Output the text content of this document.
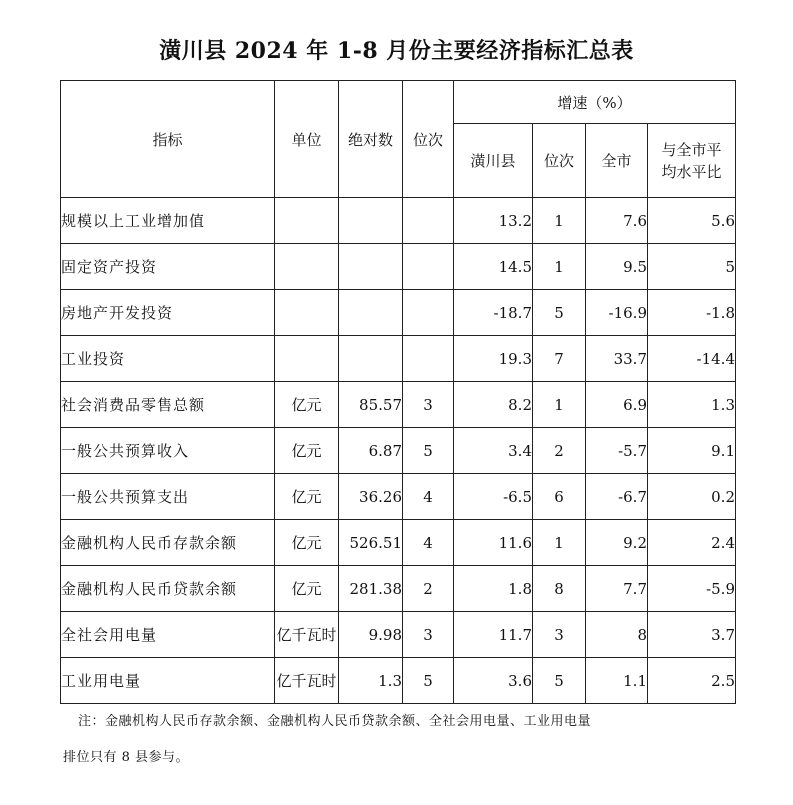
潢川县 2024 年 1-8 月份主要经济指标汇总表
指标	单位	绝对数	位次	增速（%）			
				潢川县	位次	全市	与全市平
均水平比
规模以上工业增加值				13.2	1	7.6	5.6
固定资产投资				14.5	1	9.5	5
房地产开发投资				-18.7	5	-16.9	-1.8
工业投资				19.3	7	33.7	-14.4
社会消费品零售总额	亿元	85.57	3	8.2	1	6.9	1.3
一般公共预算收入	亿元	6.87	5	3.4	2	-5.7	9.1
一般公共预算支出	亿元	36.26	4	-6.5	6	-6.7	0.2
金融机构人民币存款余额	亿元	526.51	4	11.6	1	9.2	2.4
金融机构人民币贷款余额	亿元	281.38	2	1.8	8	7.7	-5.9
全社会用电量	亿千瓦时	9.98	3	11.7	3	8	3.7
工业用电量	亿千瓦时	1.3	5	3.6	5	1.1	2.5
注：金融机构人民币存款余额、金融机构人民币贷款余额、全社会用电量、工业用电量
排位只有 8 县参与。
